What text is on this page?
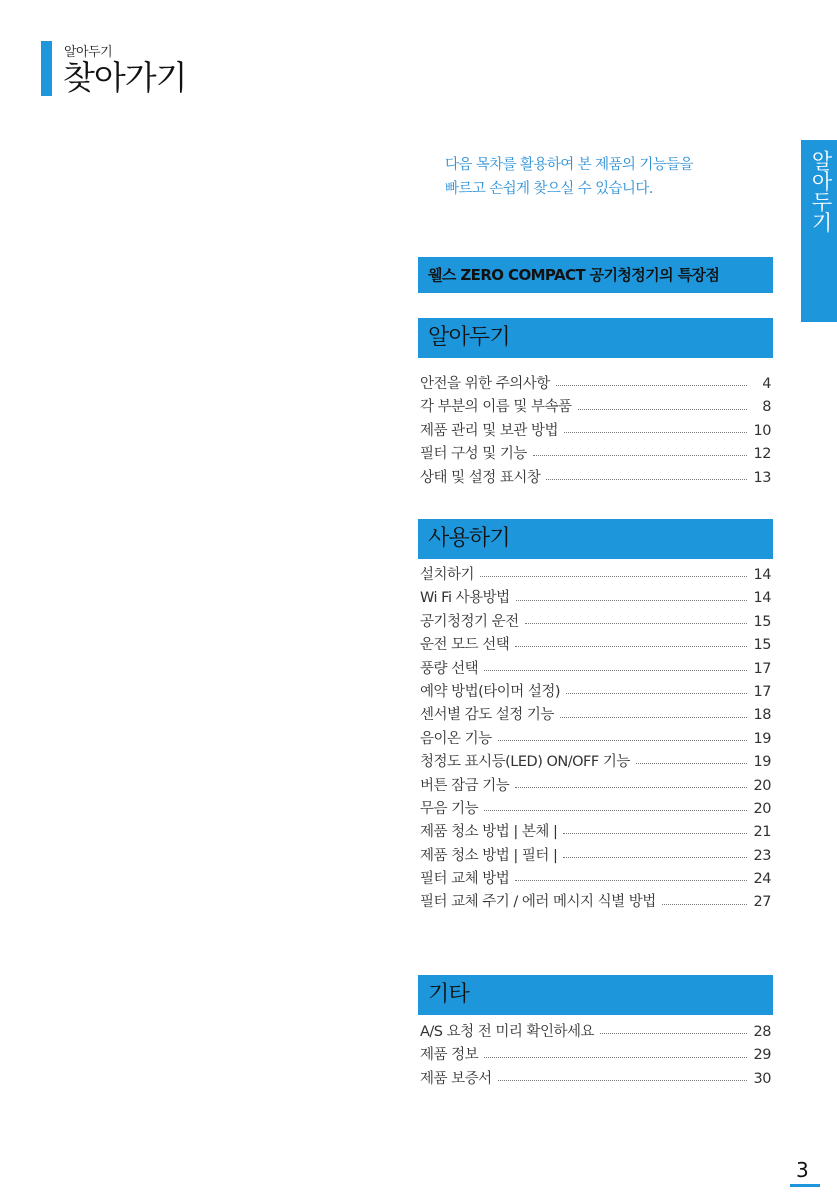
알아두기
찾아가기
알아두기
다음 목차를 활용하여 본 제품의 기능들을
빠르고 손쉽게 찾으실 수 있습니다.
웰스 ZERO COMPACT 공기청정기의 특장점
알아두기
안전을 위한 주의사항	4
각 부분의 이름 및 부속품	8
제품 관리 및 보관 방법	10
필터 구성 및 기능	12
상태 및 설정 표시창	13
사용하기
설치하기	14
Wi Fi 사용방법	14
공기청정기 운전	15
운전 모드 선택	15
풍량 선택	17
예약 방법(타이머 설정)	17
센서별 감도 설정 기능	18
음이온 기능	19
청정도 표시등(LED) ON/OFF 기능	19
버튼 잠금 기능	20
무음 기능	20
제품 청소 방법 | 본체 |	21
제품 청소 방법 | 필터 |	23
필터 교체 방법	24
필터 교체 주기 / 에러 메시지 식별 방법	27
기타
A/S 요청 전 미리 확인하세요	28
제품 정보	29
제품 보증서	30
3
